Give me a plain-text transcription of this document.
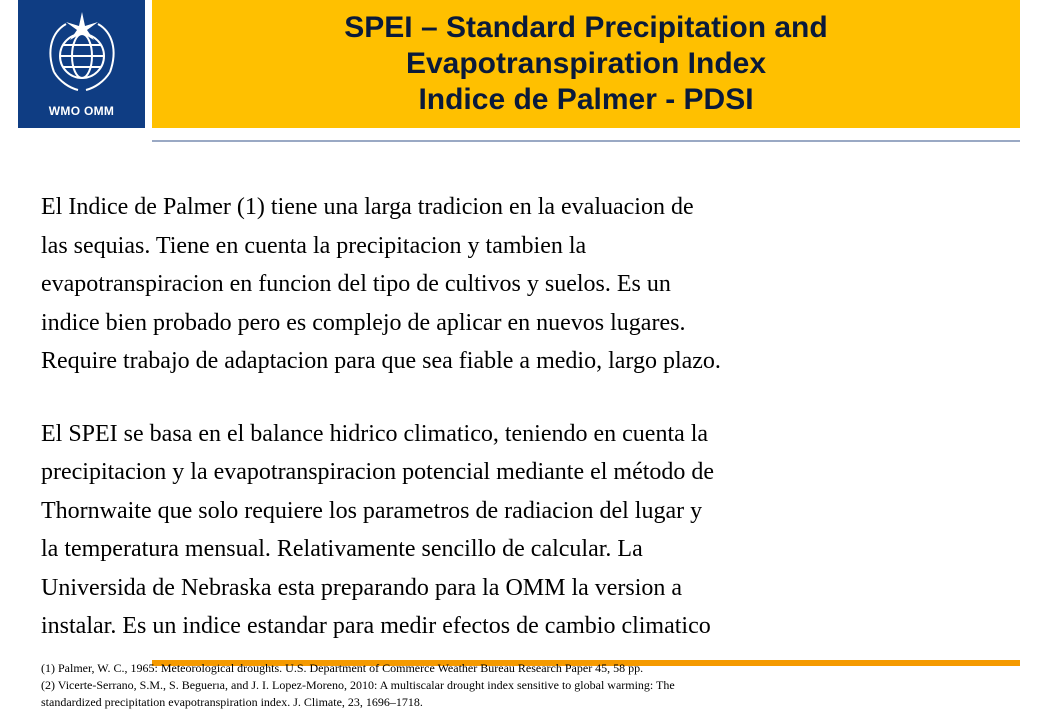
WMO OMM
SPEI – Standard Precipitation and
Evapotranspiration Index
Indice de Palmer - PDSI
El Indice de Palmer (1) tiene una larga tradicion en la evaluacion de
las sequias. Tiene en cuenta la precipitacion y tambien la
evapotranspiracion en funcion del tipo de cultivos y suelos. Es un
indice bien probado pero es complejo de aplicar en nuevos lugares.
Require trabajo de adaptacion para que sea fiable a medio, largo plazo.
El SPEI se basa en el balance hidrico climatico, teniendo en cuenta la
precipitacion y la evapotranspiracion potencial mediante el método de
Thornwaite que solo requiere los parametros de radiacion del lugar y
la temperatura mensual. Relativamente sencillo de calcular. La
Universida de Nebraska esta preparando para la OMM la version a
instalar. Es un indice estandar para medir efectos de cambio climatico
(1) Palmer, W. C., 1965: Meteorological droughts. U.S. Department of Commerce Weather Bureau Research Paper 45, 58 pp.
(2) Vicerte-Serrano, S.M., S. Beguerıa, and J. I. Lopez-Moreno, 2010: A multiscalar drought index sensitive to global warming: The
standardized precipitation evapotranspiration index. J. Climate, 23, 1696–1718.
